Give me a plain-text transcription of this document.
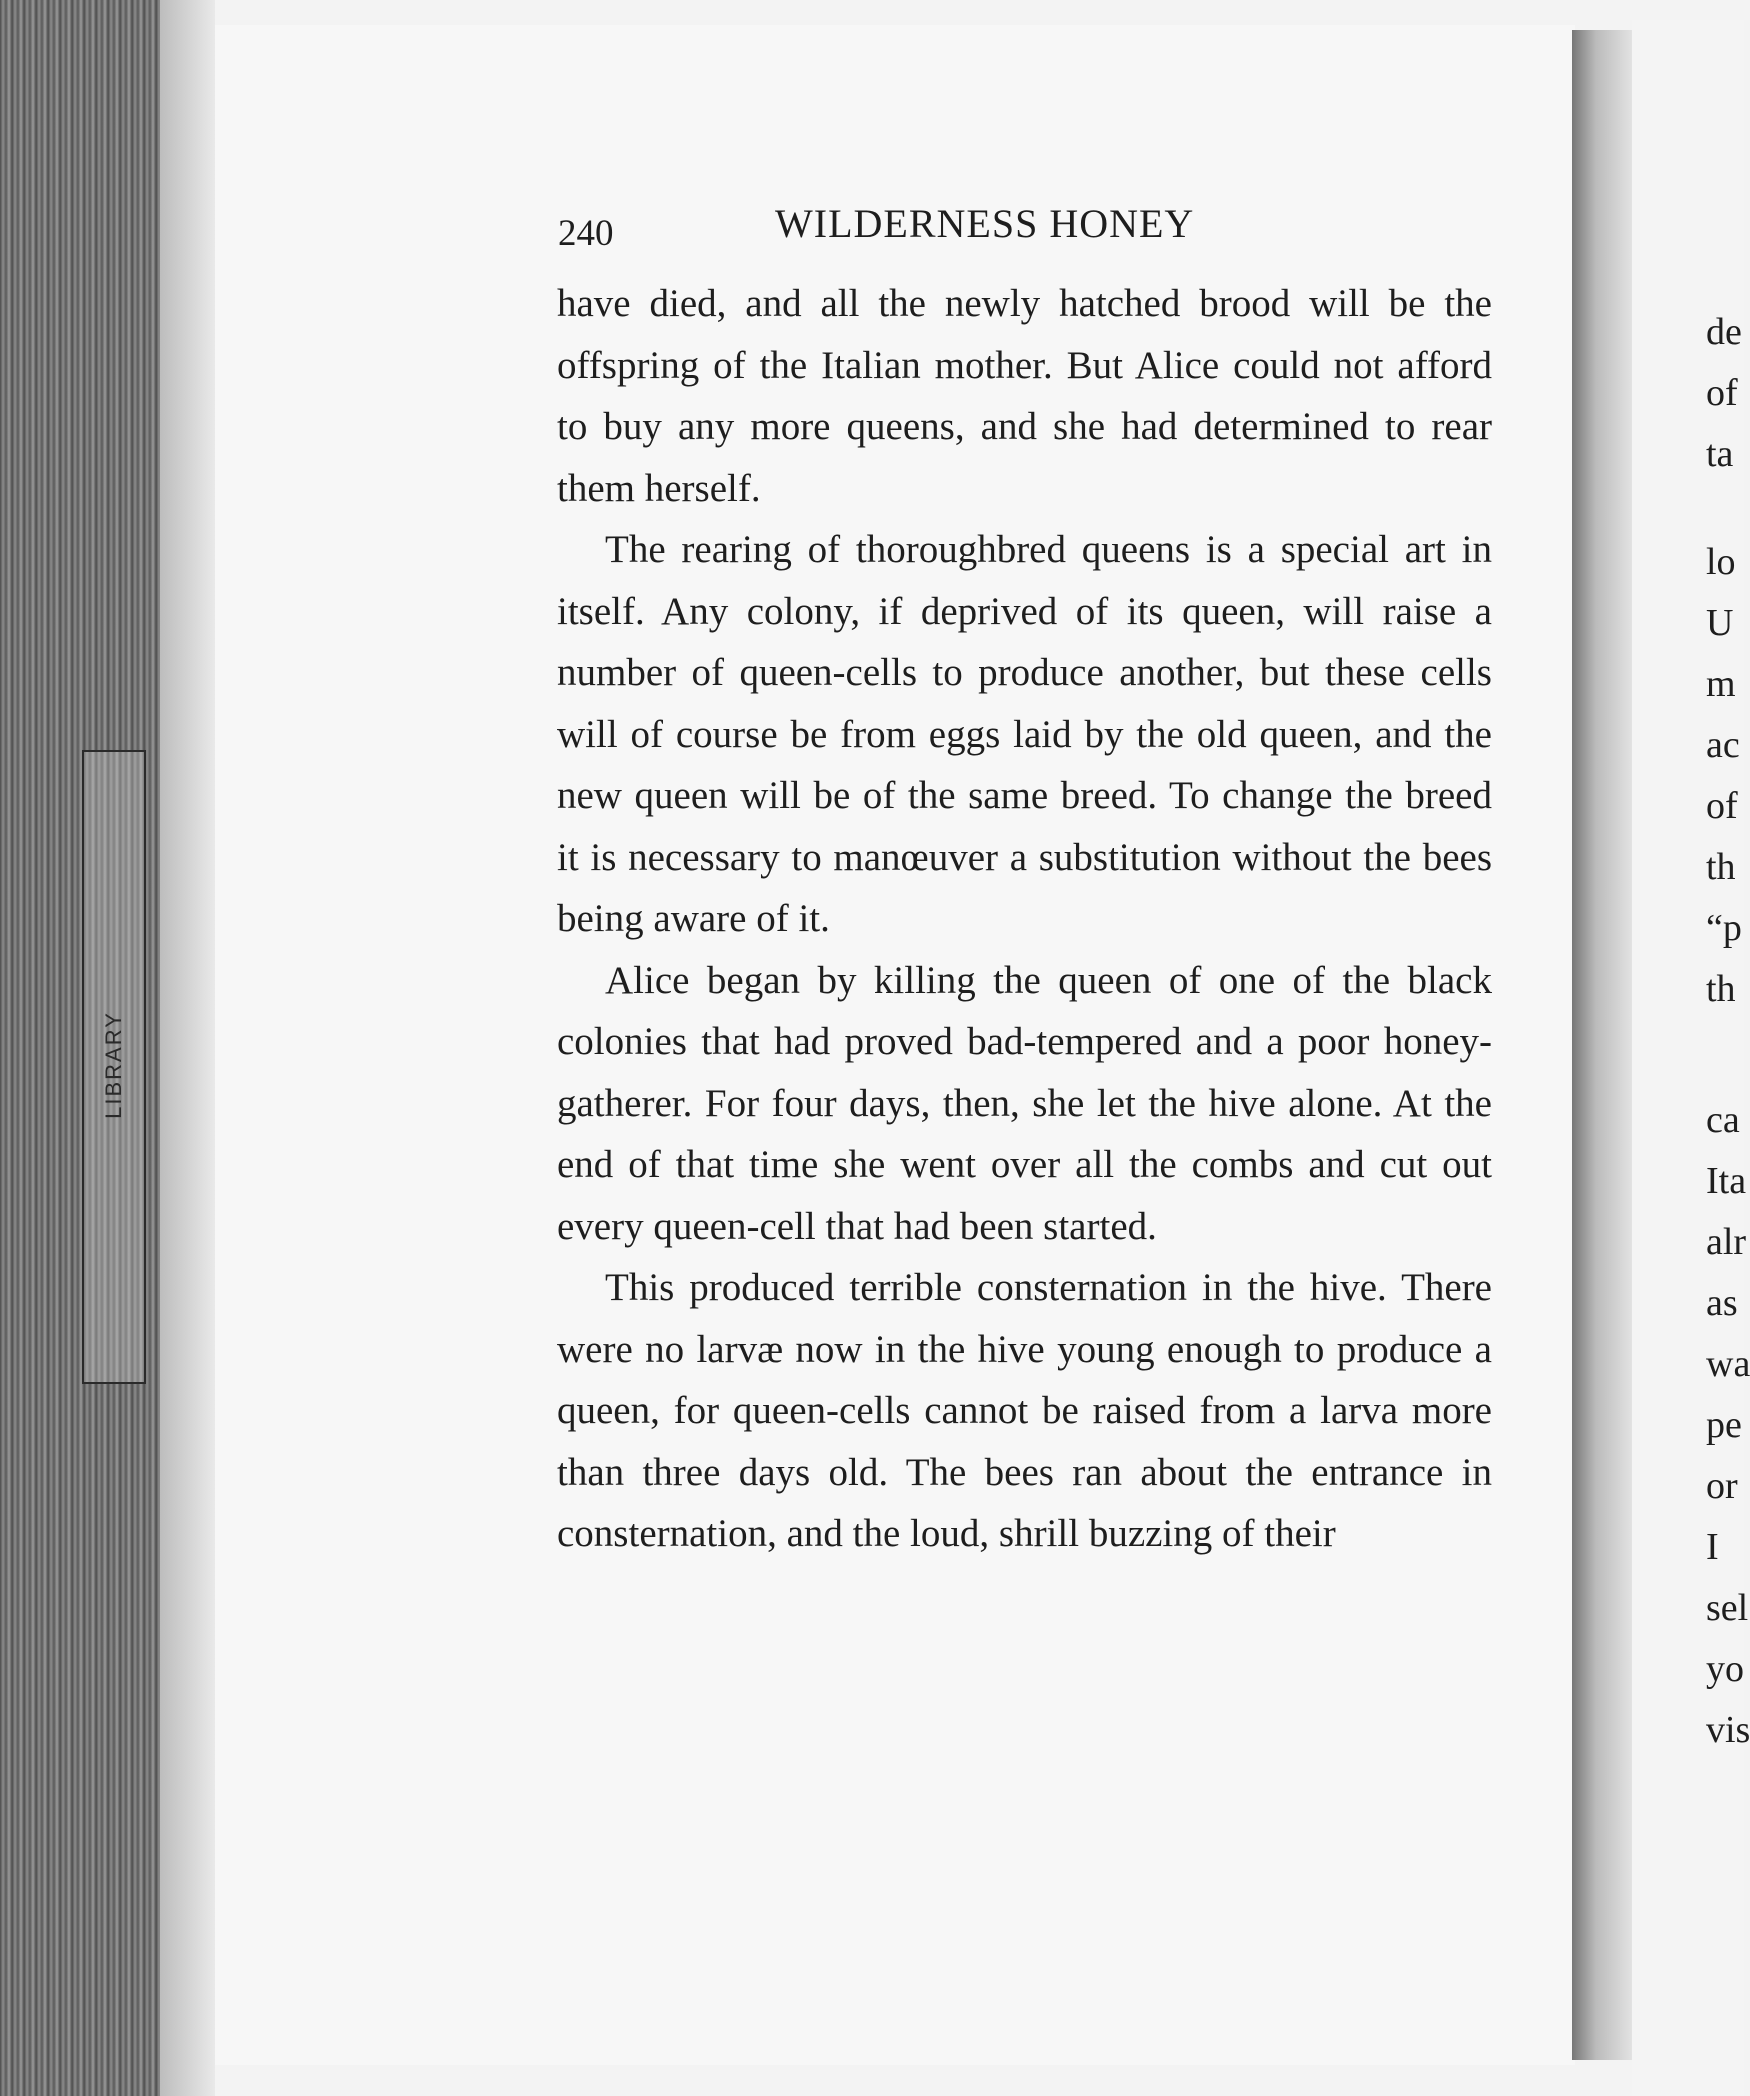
LIBRARY
240	WILDERNESS HONEY

have died, and all the newly hatched brood will be the offspring of the Italian mother. But Alice could not afford to buy any more queens, and she had determined to rear them herself.

The rearing of thoroughbred queens is a special art in itself. Any colony, if deprived of its queen, will raise a number of queen-cells to produce another, but these cells will of course be from eggs laid by the old queen, and the new queen will be of the same breed. To change the breed it is necessary to manœuver a substitution without the bees being aware of it.

Alice began by killing the queen of one of the black colonies that had proved bad-tempered and a poor honey-gatherer. For four days, then, she let the hive alone. At the end of that time she went over all the combs and cut out every queen-cell that had been started.

This produced terrible consternation in the hive. There were no larvæ now in the hive young enough to produce a queen, for queen-cells cannot be raised from a larva more than three days old. The bees ran about the entrance in consternation, and the loud, shrill buzzing of their

de
of
ta
lo
U
m
ac
of
th
“p
th
ca
Ita
alr
as
wa
pe
or
I
sel
yo
vis
